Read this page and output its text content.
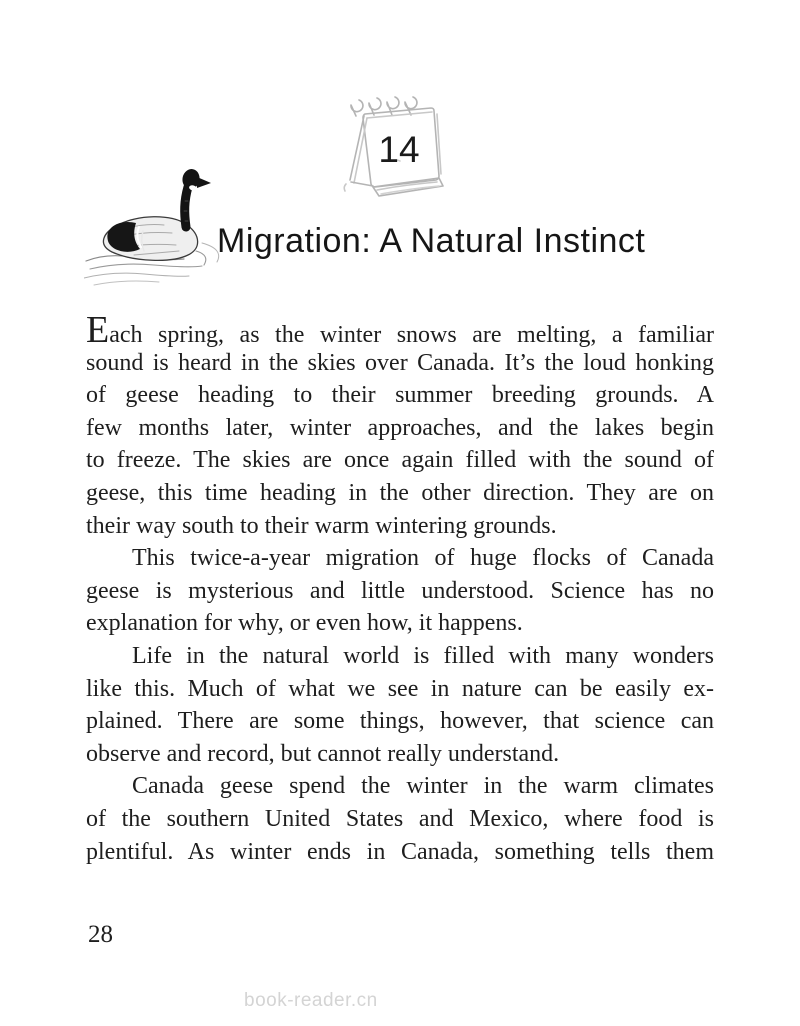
14
Migration: A Natural Instinct
Each spring, as the winter snows are melting, a familiar
sound is heard in the skies over Canada. It’s the loud honking
of geese heading to their summer breeding grounds. A
few months later, winter approaches, and the lakes begin
to freeze. The skies are once again filled with the sound of
geese, this time heading in the other direction. They are on
their way south to their warm wintering grounds.
This twice-a-year migration of huge flocks of Canada
geese is mysterious and little understood. Science has no
explanation for why, or even how, it happens.
Life in the natural world is filled with many wonders
like this. Much of what we see in nature can be easily ex-
plained. There are some things, however, that science can
observe and record, but cannot really understand.
Canada geese spend the winter in the warm climates
of the southern United States and Mexico, where food is
plentiful. As winter ends in Canada, something tells them
28
book-reader.cn
